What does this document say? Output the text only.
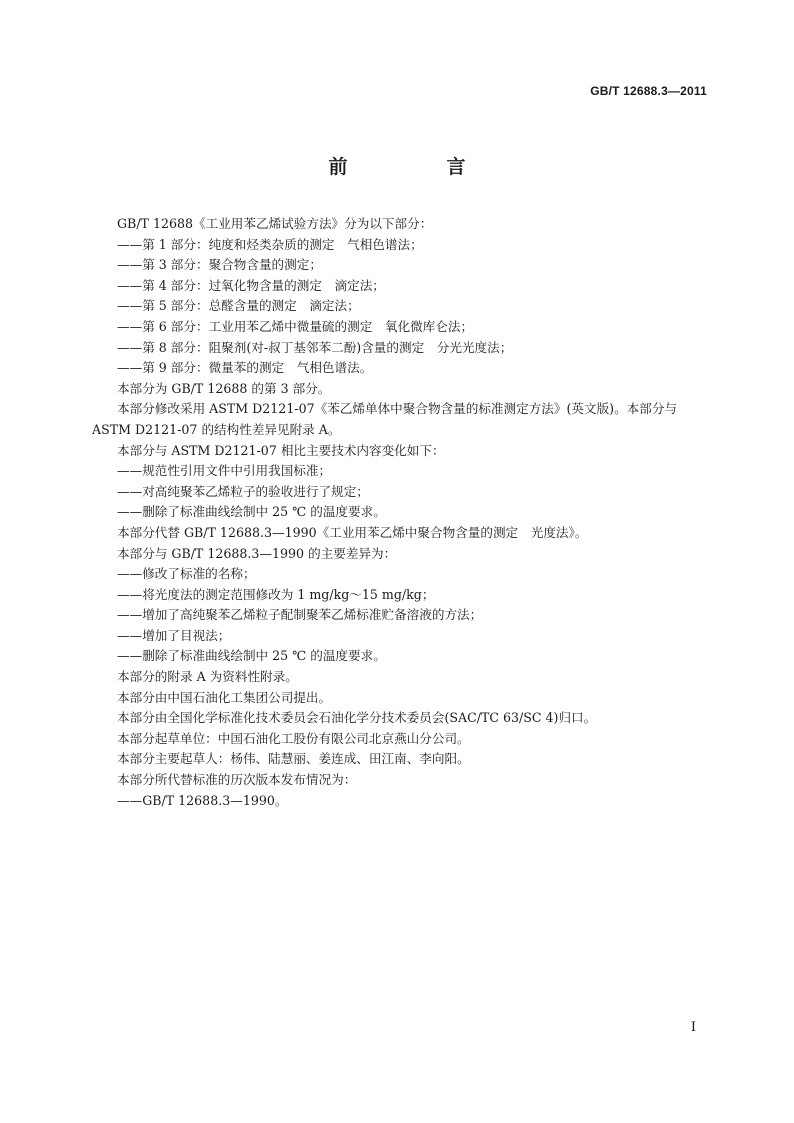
GB/T 12688.3—2011
前　言

GB/T 12688《工业用苯乙烯试验方法》分为以下部分：

——第 1 部分：纯度和烃类杂质的测定　气相色谱法；

——第 3 部分：聚合物含量的测定；

——第 4 部分：过氧化物含量的测定　滴定法；

——第 5 部分：总醛含量的测定　滴定法；

——第 6 部分：工业用苯乙烯中微量硫的测定　氧化微库仑法；

——第 8 部分：阻聚剂(对-叔丁基邻苯二酚)含量的测定　分光光度法；

——第 9 部分：微量苯的测定　气相色谱法。

本部分为 GB/T 12688 的第 3 部分。

本部分修改采用 ASTM D2121-07《苯乙烯单体中聚合物含量的标准测定方法》(英文版)。本部分与 ASTM D2121-07 的结构性差异见附录 A。

本部分与 ASTM D2121-07 相比主要技术内容变化如下：

——规范性引用文件中引用我国标准；

——对高纯聚苯乙烯粒子的验收进行了规定；

——删除了标准曲线绘制中 25 ℃ 的温度要求。

本部分代替 GB/T 12688.3—1990《工业用苯乙烯中聚合物含量的测定　光度法》。

本部分与 GB/T 12688.3—1990 的主要差异为：

——修改了标准的名称；

——将光度法的测定范围修改为 1 mg/kg～15 mg/kg；

——增加了高纯聚苯乙烯粒子配制聚苯乙烯标准贮备溶液的方法；

——增加了目视法；

——删除了标准曲线绘制中 25 ℃ 的温度要求。

本部分的附录 A 为资料性附录。

本部分由中国石油化工集团公司提出。

本部分由全国化学标准化技术委员会石油化学分技术委员会(SAC/TC 63/SC 4)归口。

本部分起草单位：中国石油化工股份有限公司北京燕山分公司。

本部分主要起草人：杨伟、陆慧丽、姜连成、田江南、李向阳。

本部分所代替标准的历次版本发布情况为：

——GB/T 12688.3—1990。

I
